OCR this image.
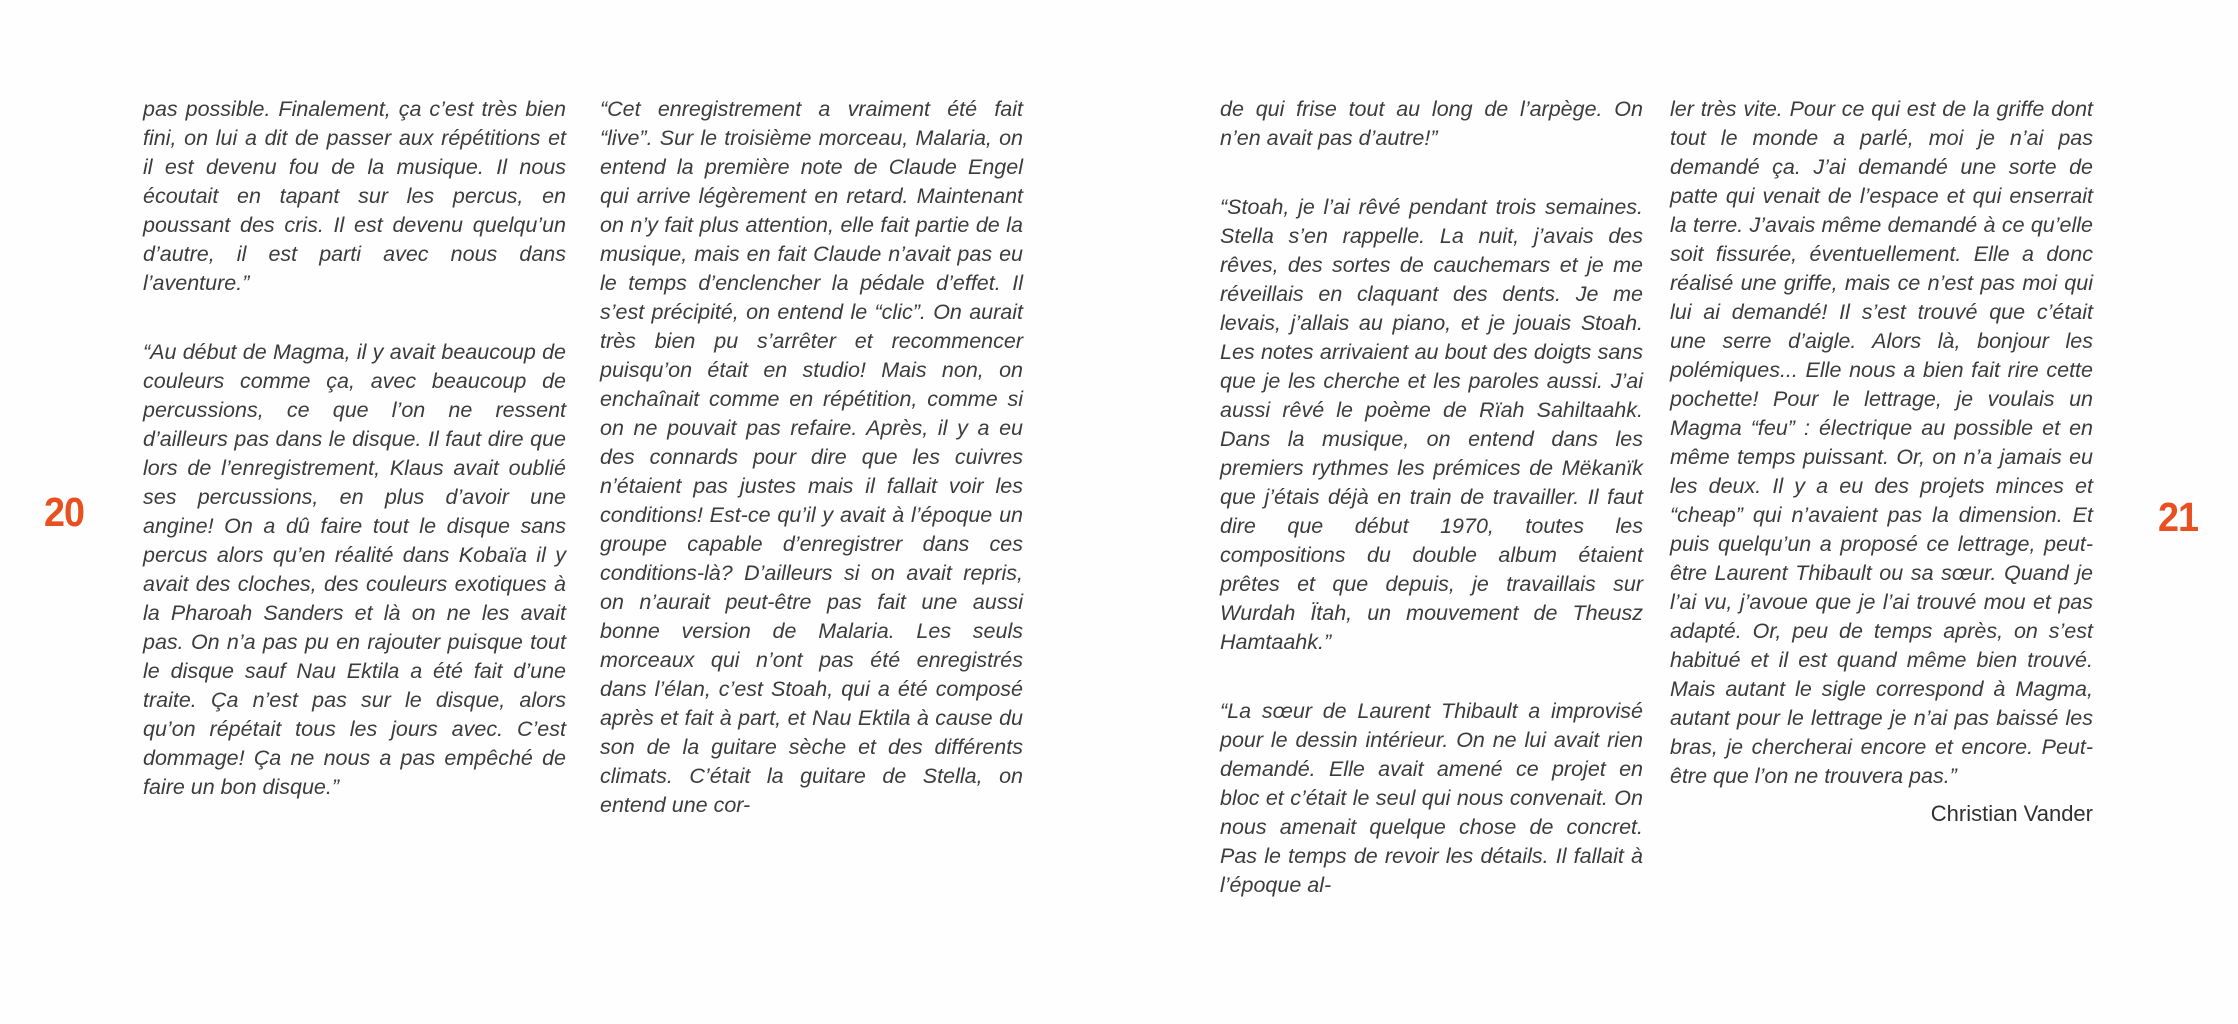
20	21

pas possible. Finalement, ça c’est très bien fini, on lui a dit de passer aux répétitions et il est devenu fou de la musique. Il nous écoutait en tapant sur les percus, en poussant des cris. Il est devenu quelqu’un d’autre, il est parti avec nous dans l’aventure.”

“Au début de Magma, il y avait beaucoup de couleurs comme ça, avec beaucoup de percussions, ce que l’on ne ressent d’ailleurs pas dans le disque. Il faut dire que lors de l’enregistrement, Klaus avait oublié ses percussions, en plus d’avoir une angine! On a dû faire tout le disque sans percus alors qu’en réalité dans Kobaïa il y avait des cloches, des couleurs exotiques à la Pharoah Sanders et là on ne les avait pas. On n’a pas pu en rajouter puisque tout le disque sauf Nau Ektila a été fait d’une traite. Ça n’est pas sur le disque, alors qu’on répétait tous les jours avec. C’est dommage! Ça ne nous a pas empêché de faire un bon disque.”

“Cet enregistrement a vraiment été fait “live”. Sur le troisième morceau, Malaria, on entend la première note de Claude Engel qui arrive légèrement en retard. Maintenant on n’y fait plus attention, elle fait partie de la musique, mais en fait Claude n’avait pas eu le temps d’enclencher la pédale d’effet. Il s’est précipité, on entend le “clic”. On aurait très bien pu s’arrêter et recommencer puisqu’on était en studio! Mais non, on enchaînait comme en répétition, comme si on ne pouvait pas refaire. Après, il y a eu des connards pour dire que les cuivres n’étaient pas justes mais il fallait voir les conditions! Est-ce qu’il y avait à l’époque un groupe capable d’enregistrer dans ces conditions-là? D’ailleurs si on avait repris, on n’aurait peut-être pas fait une aussi bonne version de Malaria. Les seuls morceaux qui n’ont pas été enregistrés dans l’élan, c’est Stoah, qui a été composé après et fait à part, et Nau Ektila à cause du son de la guitare sèche et des différents climats. C’était la guitare de Stella, on entend une cor-

de qui frise tout au long de l’arpège. On n’en avait pas d’autre!”

“Stoah, je l’ai rêvé pendant trois semaines. Stella s’en rappelle. La nuit, j’avais des rêves, des sortes de cauchemars et je me réveillais en claquant des dents. Je me levais, j’allais au piano, et je jouais Stoah. Les notes arrivaient au bout des doigts sans que je les cherche et les paroles aussi. J’ai aussi rêvé le poème de Rïah Sahiltaahk. Dans la musique, on entend dans les premiers rythmes les prémices de Mëkanïk que j’étais déjà en train de travailler. Il faut dire que début 1970, toutes les compositions du double album étaient prêtes et que depuis, je travaillais sur Wurdah Ïtah, un mouvement de Theusz Hamtaahk.”

“La sœur de Laurent Thibault a improvisé pour le dessin intérieur. On ne lui avait rien demandé. Elle avait amené ce projet en bloc et c’était le seul qui nous convenait. On nous amenait quelque chose de concret. Pas le temps de revoir les détails. Il fallait à l’époque al-

ler très vite. Pour ce qui est de la griffe dont tout le monde a parlé, moi je n’ai pas demandé ça. J’ai demandé une sorte de patte qui venait de l’espace et qui enserrait la terre. J’avais même demandé à ce qu’elle soit fissurée, éventuellement. Elle a donc réalisé une griffe, mais ce n’est pas moi qui lui ai demandé! Il s’est trouvé que c’était une serre d’aigle. Alors là, bonjour les polémiques... Elle nous a bien fait rire cette pochette! Pour le lettrage, je voulais un Magma “feu” : électrique au possible et en même temps puissant. Or, on n’a jamais eu les deux. Il y a eu des projets minces et “cheap” qui n’avaient pas la dimension. Et puis quelqu’un a proposé ce lettrage, peut-être Laurent Thibault ou sa sœur. Quand je l’ai vu, j’avoue que je l’ai trouvé mou et pas adapté. Or, peu de temps après, on s’est habitué et il est quand même bien trouvé. Mais autant le sigle correspond à Magma, autant pour le lettrage je n’ai pas baissé les bras, je chercherai encore et encore. Peut-être que l’on ne trouvera pas.”

Christian Vander
